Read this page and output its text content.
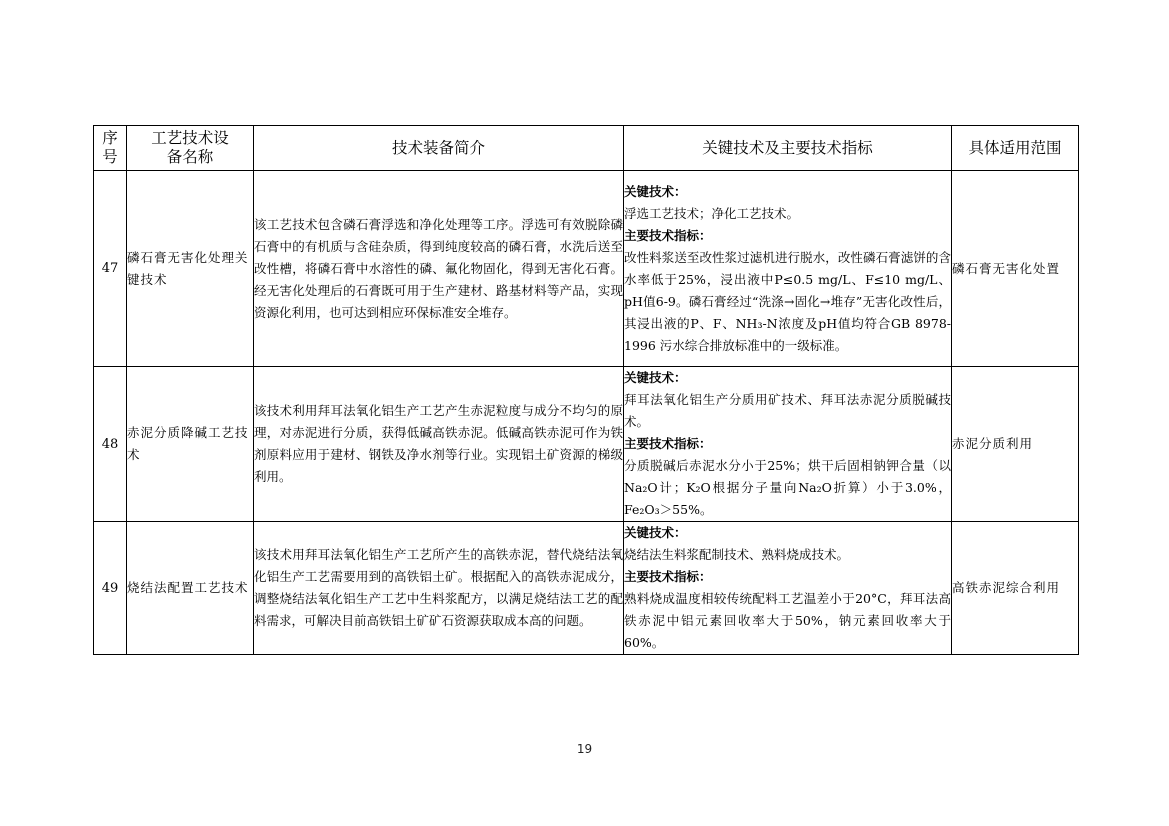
序号	工艺技术设备名称	技术装备简介	关键技术及主要技术指标	具体适用范围
47	磷石膏无害化处理关键技术	该工艺技术包含磷石膏浮选和净化处理等工序。浮选可有效脱除磷石膏中的有机质与含硅杂质，得到纯度较高的磷石膏，水洗后送至改性槽，将磷石膏中水溶性的磷、氟化物固化，得到无害化石膏。经无害化处理后的石膏既可用于生产建材、路基材料等产品，实现资源化利用，也可达到相应环保标准安全堆存。	关键技术：
浮选工艺技术；净化工艺技术。
主要技术指标：
改性料浆送至改性浆过滤机进行脱水，改性磷石膏滤饼的含水率低于25%，浸出液中P≤0.5 mg/L、F≤10 mg/L、pH值6-9。磷石膏经过“洗涤→固化→堆存”无害化改性后，其浸出液的P、F、NH₃-N浓度及pH值均符合GB 8978-1996 污水综合排放标准中的一级标准。	磷石膏无害化处置
48	赤泥分质降碱工艺技术	该技术利用拜耳法氧化铝生产工艺产生赤泥粒度与成分不均匀的原理，对赤泥进行分质，获得低碱高铁赤泥。低碱高铁赤泥可作为铁剂原料应用于建材、钢铁及净水剂等行业。实现铝土矿资源的梯级利用。	关键技术：
拜耳法氧化铝生产分质用矿技术、拜耳法赤泥分质脱碱技术。
主要技术指标：
分质脱碱后赤泥水分小于25%；烘干后固相钠钾合量（以Na₂O计；K₂O根据分子量向Na₂O折算）小于3.0%，Fe₂O₃＞55%。	赤泥分质利用
49	烧结法配置工艺技术	该技术用拜耳法氧化铝生产工艺所产生的高铁赤泥，替代烧结法氧化铝生产工艺需要用到的高铁铝土矿。根据配入的高铁赤泥成分，调整烧结法氧化铝生产工艺中生料浆配方，以满足烧结法工艺的配料需求，可解决目前高铁铝土矿矿石资源获取成本高的问题。	关键技术：
烧结法生料浆配制技术、熟料烧成技术。
主要技术指标：
熟料烧成温度相较传统配料工艺温差小于20°C，拜耳法高铁赤泥中铝元素回收率大于50%，钠元素回收率大于60%。	高铁赤泥综合利用
19
